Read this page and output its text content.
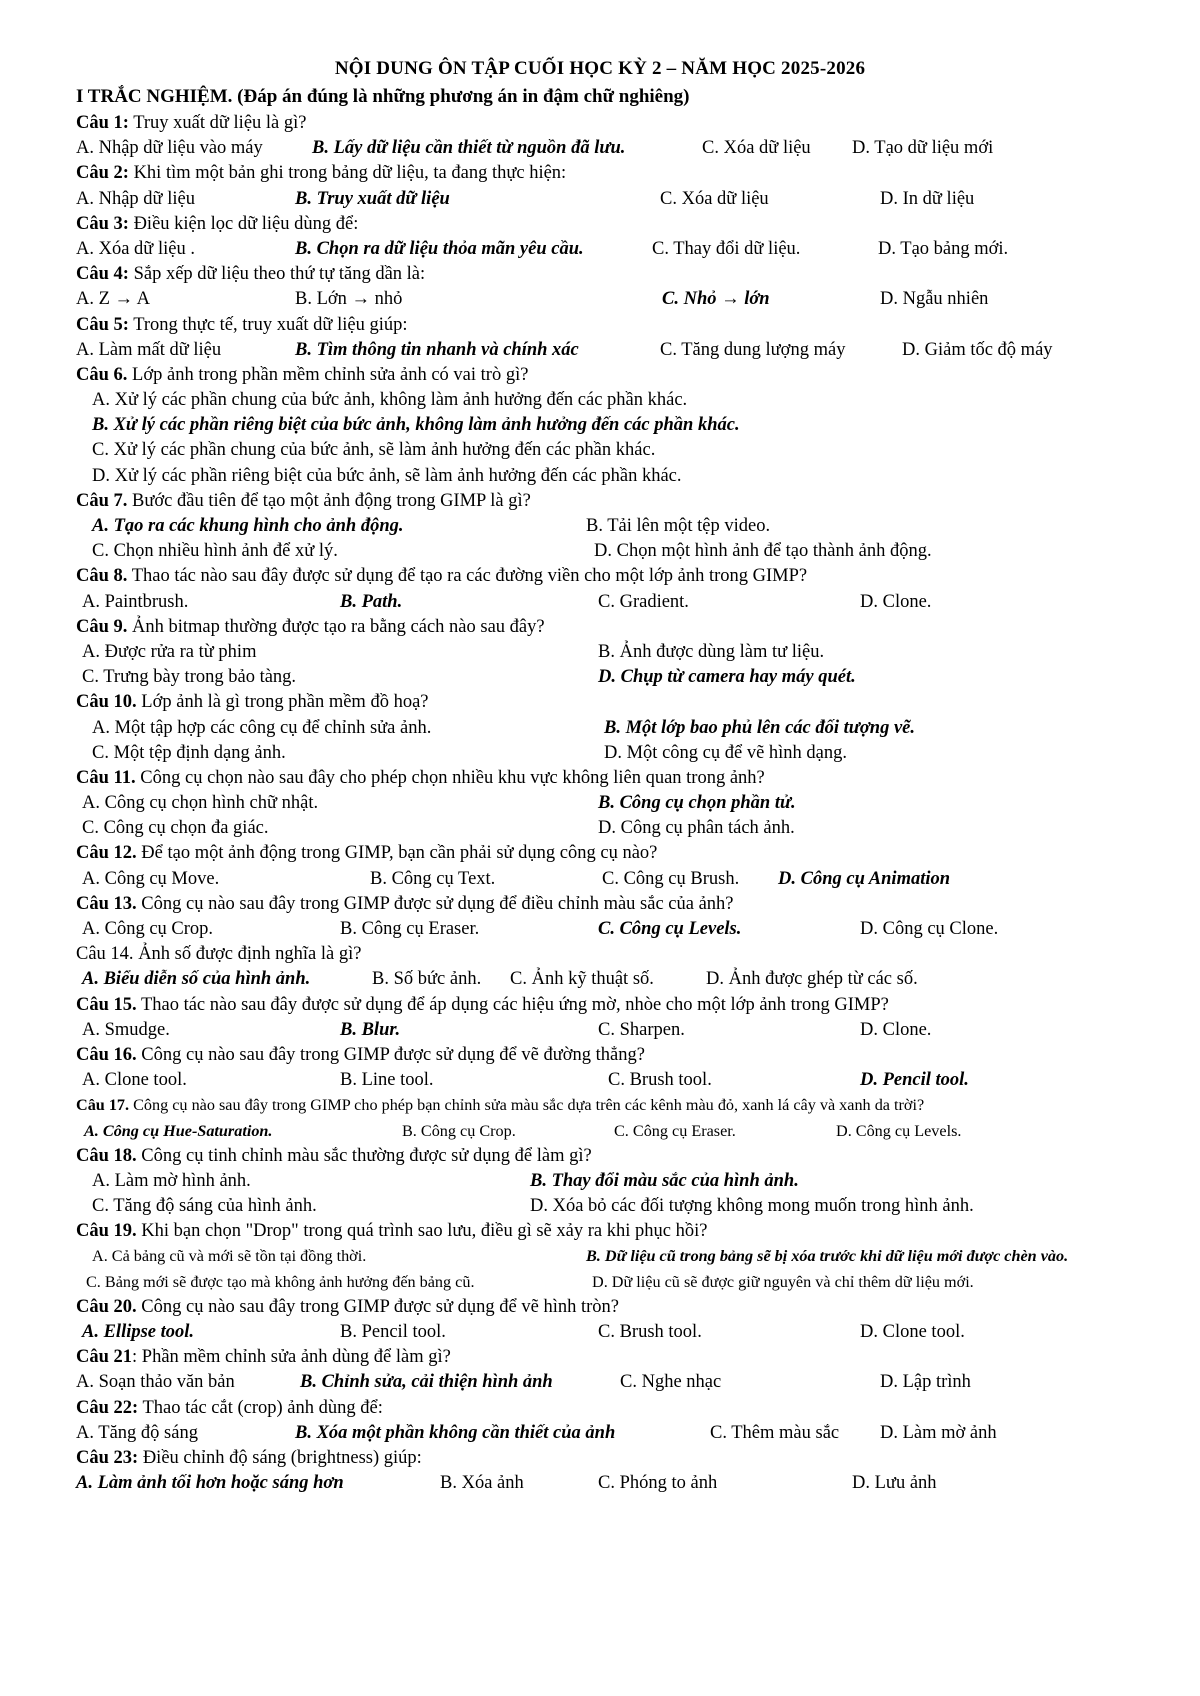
NỘI DUNG ÔN TẬP CUỐI HỌC KỲ 2 – NĂM HỌC 2025-2026
I TRẮC NGHIỆM. (Đáp án đúng là những phương án in đậm chữ nghiêng)
Câu 1: Truy xuất dữ liệu là gì?
A. Nhập dữ liệu vào máy	B. Lấy dữ liệu cần thiết từ nguồn đã lưu.	C. Xóa dữ liệu D. Tạo dữ liệu mới
Câu 2: Khi tìm một bản ghi trong bảng dữ liệu, ta đang thực hiện:
A. Nhập dữ liệu	B. Truy xuất dữ liệu	C. Xóa dữ liệu	D. In dữ liệu
Câu 3: Điều kiện lọc dữ liệu dùng để:
A. Xóa dữ liệu .	B. Chọn ra dữ liệu thỏa mãn yêu cầu.	C. Thay đổi dữ liệu.	D. Tạo bảng mới.
Câu 4: Sắp xếp dữ liệu theo thứ tự tăng dần là:
A. Z → A	B. Lớn → nhỏ	C. Nhỏ → lớn	D. Ngẫu nhiên
Câu 5: Trong thực tế, truy xuất dữ liệu giúp:
A. Làm mất dữ liệu	B. Tìm thông tin nhanh và chính xác	C. Tăng dung lượng máy	D. Giảm tốc độ máy
Câu 6. Lớp ảnh trong phần mềm chỉnh sửa ảnh có vai trò gì?
A. Xử lý các phần chung của bức ảnh, không làm ảnh hưởng đến các phần khác.
B. Xử lý các phần riêng biệt của bức ảnh, không làm ảnh hưởng đến các phần khác.
C. Xử lý các phần chung của bức ảnh, sẽ làm ảnh hưởng đến các phần khác.
D. Xử lý các phần riêng biệt của bức ảnh, sẽ làm ảnh hưởng đến các phần khác.
Câu 7. Bước đầu tiên để tạo một ảnh động trong GIMP là gì?
A. Tạo ra các khung hình cho ảnh động.	B. Tải lên một tệp video.
C. Chọn nhiều hình ảnh để xử lý.	D. Chọn một hình ảnh để tạo thành ảnh động.
Câu 8. Thao tác nào sau đây được sử dụng để tạo ra các đường viền cho một lớp ảnh trong GIMP?
A. Paintbrush.	B. Path.	C. Gradient.	D. Clone.
Câu 9. Ảnh bitmap thường được tạo ra bằng cách nào sau đây?
A. Được rửa ra từ phim	B. Ảnh được dùng làm tư liệu.
C. Trưng bày trong bảo tàng.	D. Chụp từ camera hay máy quét.
Câu 10. Lớp ảnh là gì trong phần mềm đồ hoạ?
A. Một tập hợp các công cụ để chỉnh sửa ảnh.	B. Một lớp bao phủ lên các đối tượng vẽ.
C. Một tệp định dạng ảnh.	D. Một công cụ để vẽ hình dạng.
Câu 11. Công cụ chọn nào sau đây cho phép chọn nhiều khu vực không liên quan trong ảnh?
A. Công cụ chọn hình chữ nhật.	B. Công cụ chọn phần tử.
C. Công cụ chọn đa giác.	D. Công cụ phân tách ảnh.
Câu 12. Để tạo một ảnh động trong GIMP, bạn cần phải sử dụng công cụ nào?
A. Công cụ Move.	B. Công cụ Text.	C. Công cụ Brush. D. Công cụ Animation
Câu 13. Công cụ nào sau đây trong GIMP được sử dụng để điều chỉnh màu sắc của ảnh?
A. Công cụ Crop.	B. Công cụ Eraser.	C. Công cụ Levels.	D. Công cụ Clone.
Câu 14. Ảnh số được định nghĩa là gì?
A. Biểu diễn số của hình ảnh.	B. Số bức ảnh. C. Ảnh kỹ thuật số.	D. Ảnh được ghép từ các số.
Câu 15. Thao tác nào sau đây được sử dụng để áp dụng các hiệu ứng mờ, nhòe cho một lớp ảnh trong GIMP?
A. Smudge.	B. Blur.	C. Sharpen.	D. Clone.
Câu 16. Công cụ nào sau đây trong GIMP được sử dụng để vẽ đường thẳng?
A. Clone tool.	B. Line tool.	C. Brush tool.	D. Pencil tool.
Câu 17. Công cụ nào sau đây trong GIMP cho phép bạn chỉnh sửa màu sắc dựa trên các kênh màu đỏ, xanh lá cây và xanh da trời?
A. Công cụ Hue-Saturation.	B. Công cụ Crop.	C. Công cụ Eraser.	D. Công cụ Levels.
Câu 18. Công cụ tinh chỉnh màu sắc thường được sử dụng để làm gì?
A. Làm mờ hình ảnh.	B. Thay đổi màu sắc của hình ảnh.
C. Tăng độ sáng của hình ảnh.	D. Xóa bỏ các đối tượng không mong muốn trong hình ảnh.
Câu 19. Khi bạn chọn "Drop" trong quá trình sao lưu, điều gì sẽ xảy ra khi phục hồi?
A. Cả bảng cũ và mới sẽ tồn tại đồng thời.	B. Dữ liệu cũ trong bảng sẽ bị xóa trước khi dữ liệu mới được chèn vào.
C. Bảng mới sẽ được tạo mà không ảnh hưởng đến bảng cũ.	D. Dữ liệu cũ sẽ được giữ nguyên và chỉ thêm dữ liệu mới.
Câu 20. Công cụ nào sau đây trong GIMP được sử dụng để vẽ hình tròn?
A. Ellipse tool.	B. Pencil tool.	C. Brush tool.	D. Clone tool.
Câu 21: Phần mềm chỉnh sửa ảnh dùng để làm gì?
A. Soạn thảo văn bản	B. Chỉnh sửa, cải thiện hình ảnh	C. Nghe nhạc	D. Lập trình
Câu 22: Thao tác cắt (crop) ảnh dùng để:
A. Tăng độ sáng	B. Xóa một phần không cần thiết của ảnh	C. Thêm màu sắc D. Làm mờ ảnh
Câu 23: Điều chỉnh độ sáng (brightness) giúp:
A. Làm ảnh tối hơn hoặc sáng hơn	B. Xóa ảnh	C. Phóng to ảnh	D. Lưu ảnh
